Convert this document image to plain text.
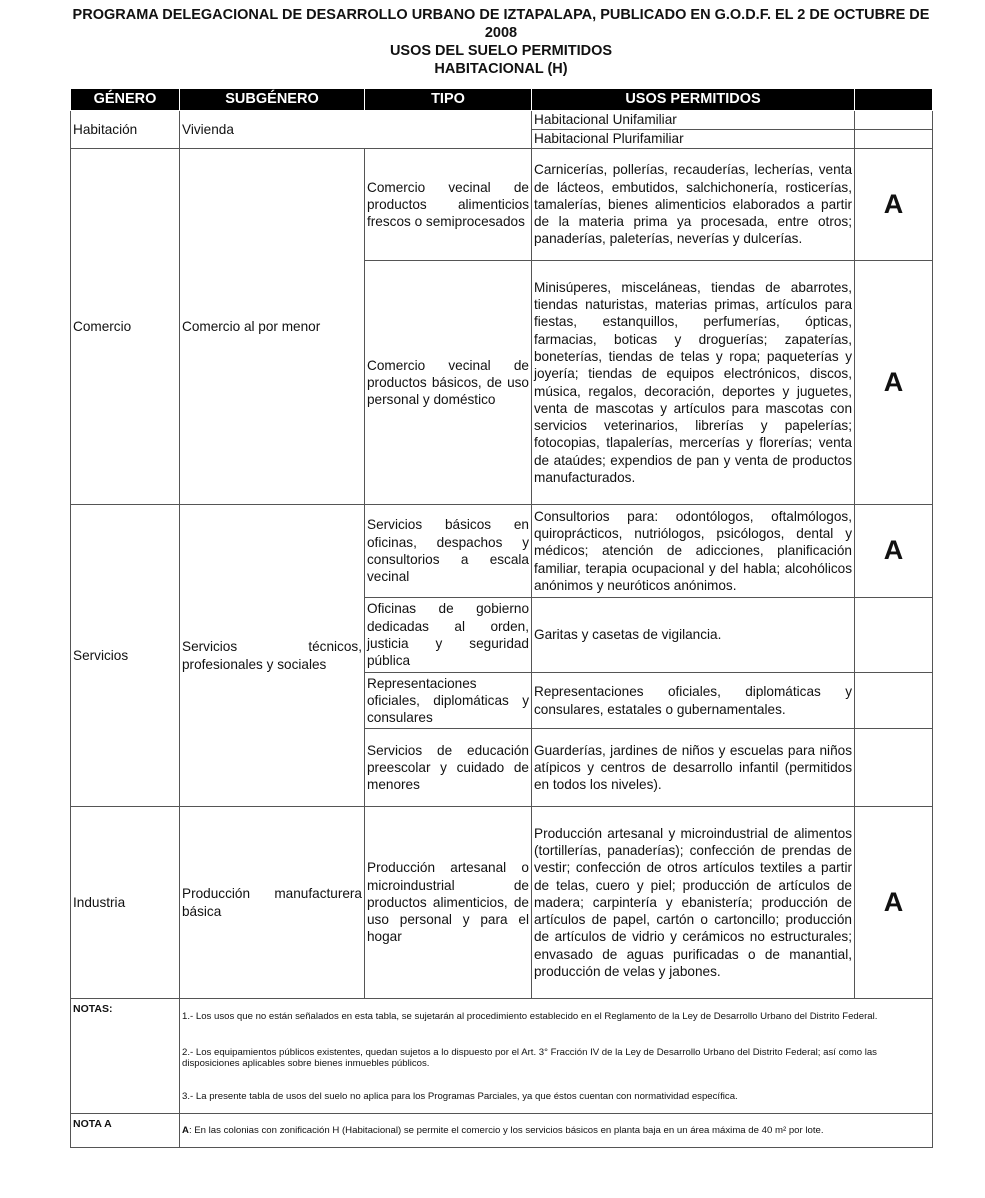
PROGRAMA DELEGACIONAL DE DESARROLLO URBANO DE IZTAPALAPA, PUBLICADO EN G.O.D.F. EL 2 DE OCTUBRE DE 2008
USOS DEL SUELO PERMITIDOS
HABITACIONAL (H)
GÉNERO	SUBGÉNERO	TIPO	USOS PERMITIDOS	
Habitación	Vivienda		Habitacional Unifamiliar	
			Habitacional Plurifamiliar	
Comercio	Comercio al por menor	Comercio vecinal de productos alimenticios frescos o semiprocesados	Carnicerías, pollerías, recauderías, lecherías, venta de lácteos, embutidos, salchichonería, rosticerías, tamalerías, bienes alimenticios elaborados a partir de la materia prima ya procesada, entre otros; panaderías, paleterías, neverías y dulcerías.	A
		Comercio vecinal de productos básicos, de uso personal y doméstico	Minisúperes, misceláneas, tiendas de abarrotes, tiendas naturistas, materias primas, artículos para fiestas, estanquillos, perfumerías, ópticas, farmacias, boticas y droguerías; zapaterías, boneterías, tiendas de telas y ropa; paqueterías y joyería; tiendas de equipos electrónicos, discos, música, regalos, decoración, deportes y juguetes, venta de mascotas y artículos para mascotas con servicios veterinarios, librerías y papelerías; fotocopias, tlapalerías, mercerías y florerías; venta de ataúdes; expendios de pan y venta de productos manufacturados.	A
Servicios	Servicios técnicos, profesionales y sociales	Servicios básicos en oficinas, despachos y consultorios a escala vecinal	Consultorios para: odontólogos, oftalmólogos, quiroprácticos, nutriólogos, psicólogos, dental y médicos; atención de adicciones, planificación familiar, terapia ocupacional y del habla; alcohólicos anónimos y neuróticos anónimos.	A
		Oficinas de gobierno dedicadas al orden, justicia y seguridad pública	Garitas y casetas de vigilancia.	
		Representaciones oficiales, diplomáticas y consulares	Representaciones oficiales, diplomáticas y consulares, estatales o gubernamentales.	
		Servicios de educación preescolar y cuidado de menores	Guarderías, jardines de niños y escuelas para niños atípicos y centros de desarrollo infantil (permitidos en todos los niveles).	
Industria	Producción manufacturera básica	Producción artesanal o microindustrial de productos alimenticios, de uso personal y para el hogar	Producción artesanal y microindustrial de alimentos (tortillerías, panaderías); confección de prendas de vestir; confección de otros artículos textiles a partir de telas, cuero y piel; producción de artículos de madera; carpintería y ebanistería; producción de artículos de papel, cartón o cartoncillo; producción de artículos de vidrio y cerámicos no estructurales; envasado de aguas purificadas o de manantial, producción de velas y jabones.	A
NOTAS:	1.- Los usos que no están señalados en esta tabla, se sujetarán al procedimiento establecido en el Reglamento de la Ley de Desarrollo Urbano del Distrito Federal.

2.- Los equipamientos públicos existentes, quedan sujetos a lo dispuesto por el Art. 3° Fracción IV de la Ley de Desarrollo Urbano del Distrito Federal; así como las disposiciones aplicables sobre bienes inmuebles públicos.

3.- La presente tabla de usos del suelo no aplica para los Programas Parciales, ya que éstos cuentan con normatividad específica.			

NOTA A	A: En las colonias con zonificación H (Habitacional) se permite el comercio y los servicios básicos en planta baja en un área máxima de 40 m² por lote.			
